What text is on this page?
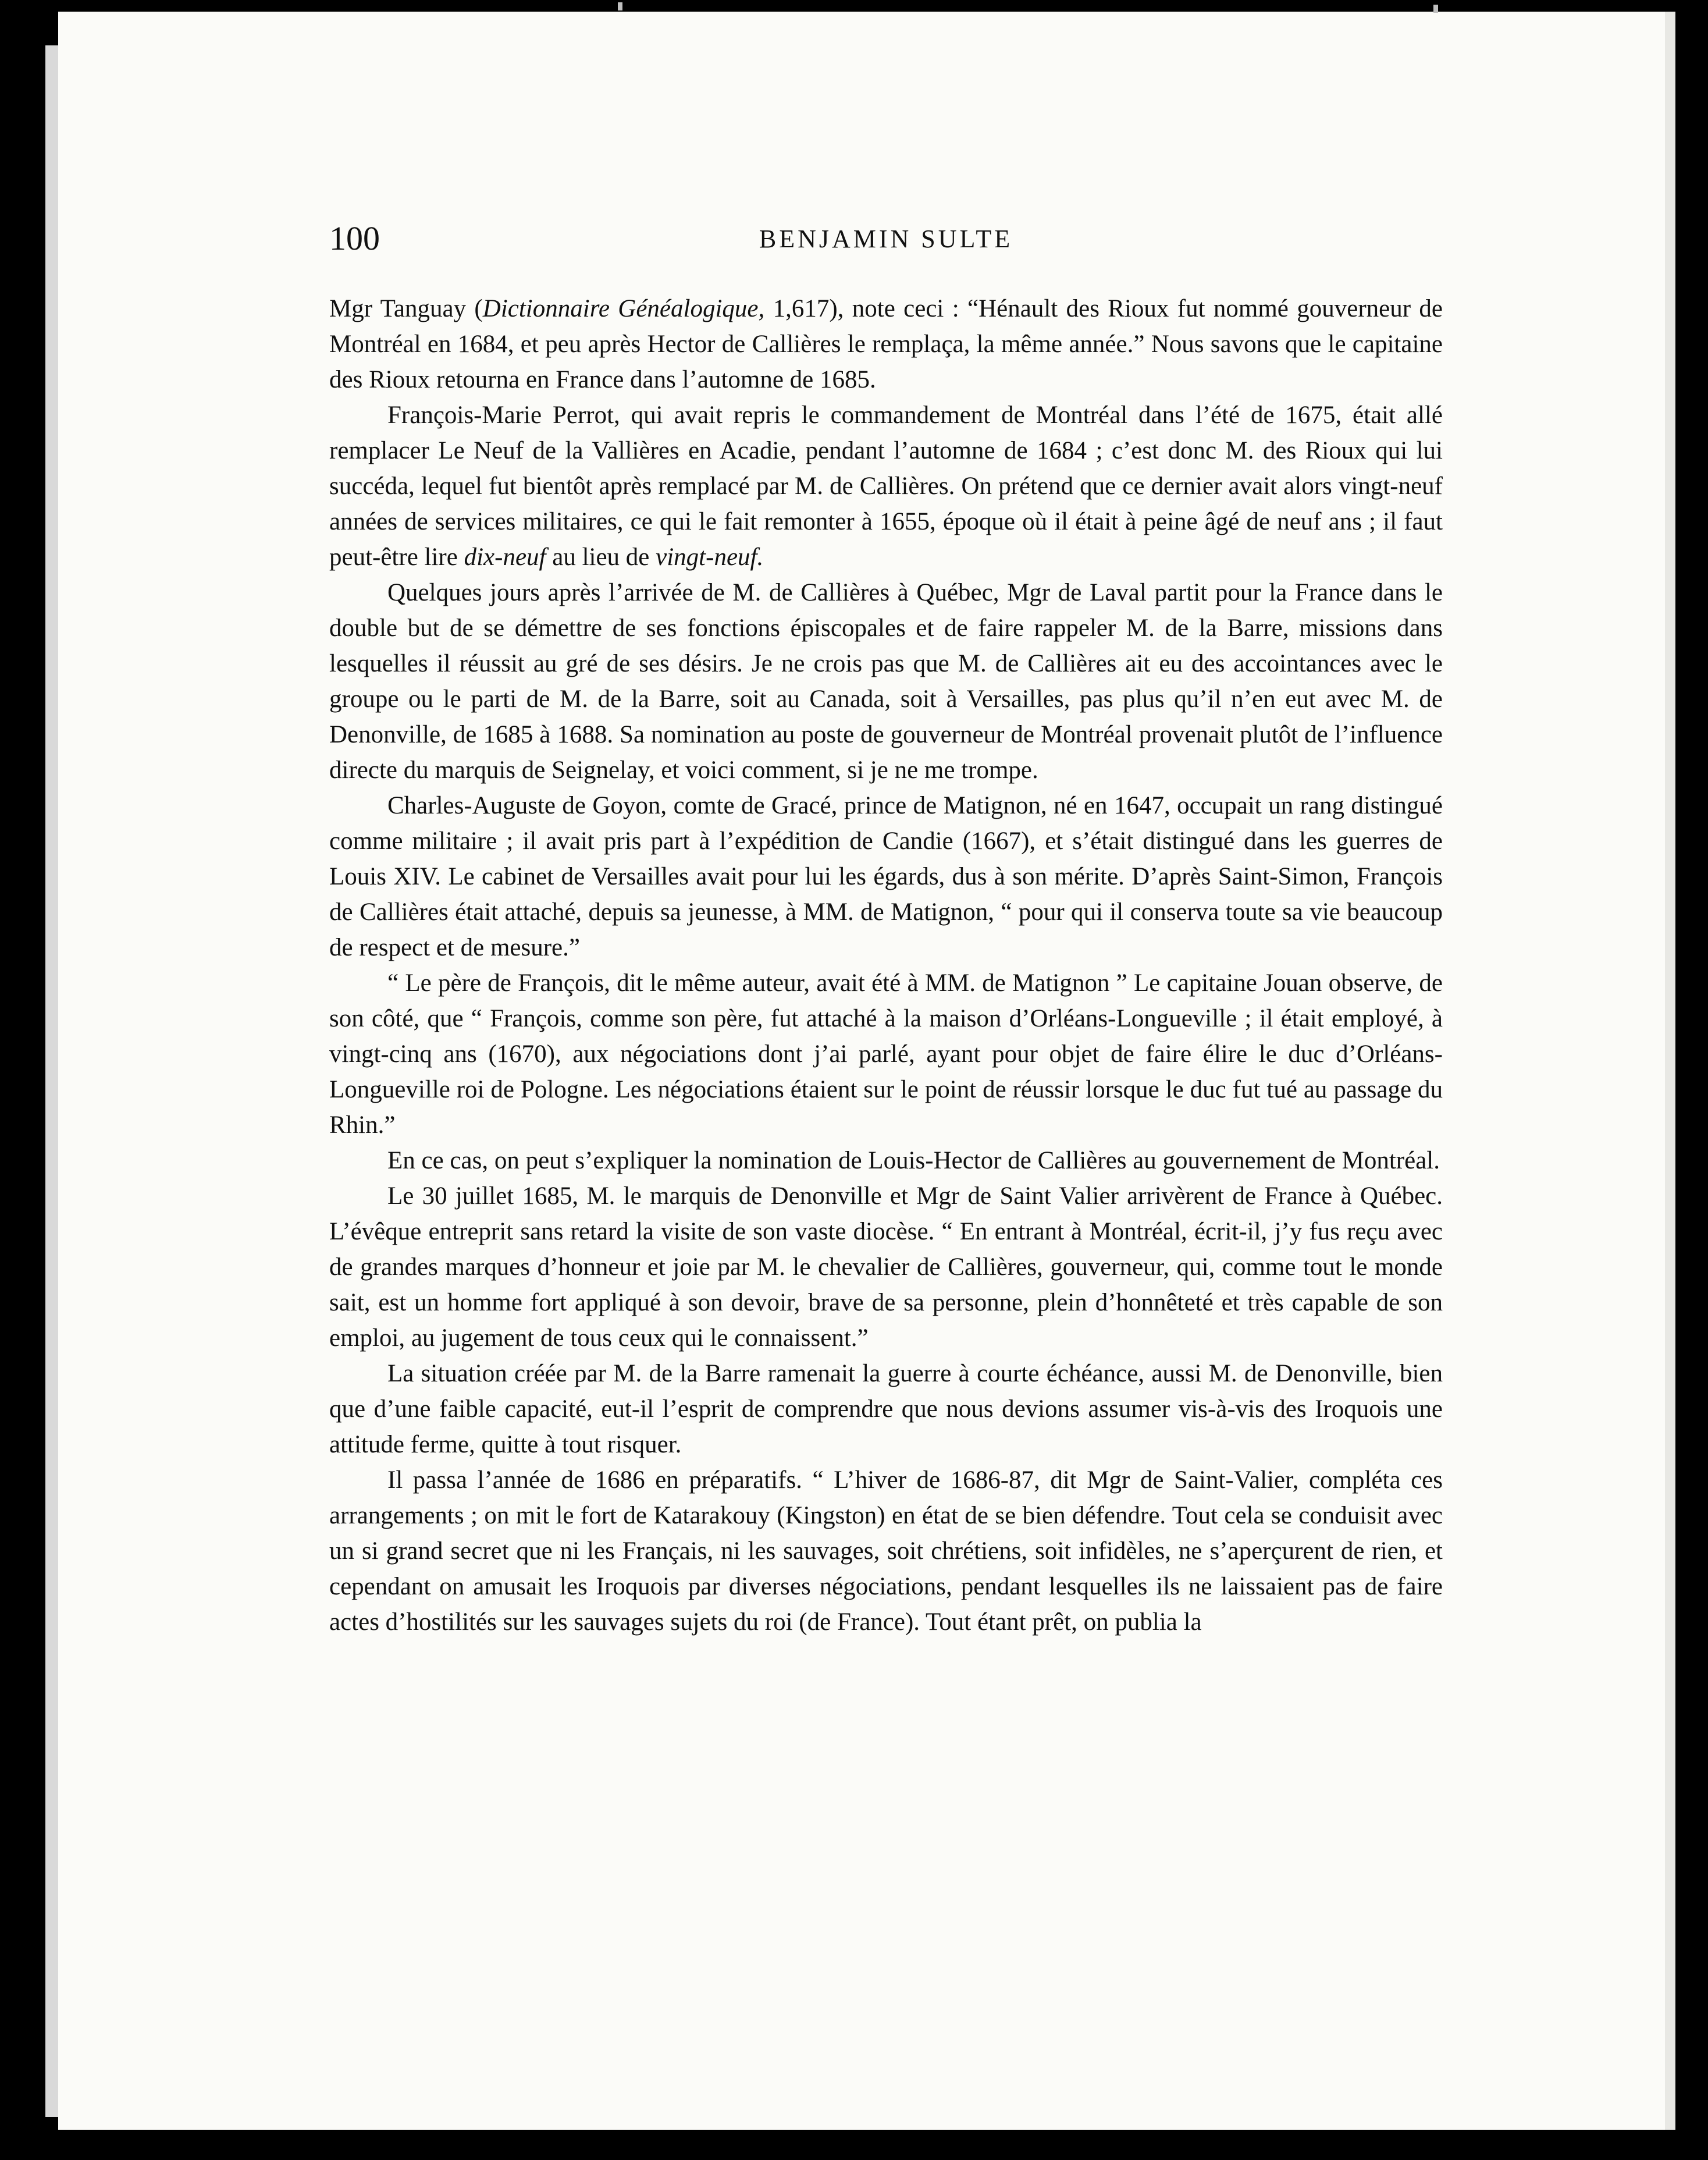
100	BENJAMIN SULTE

Mgr Tanguay (Dictionnaire Généalogique, 1,617), note ceci : “Hénault des Rioux fut nommé gouverneur de Montréal en 1684, et peu après Hector de Callières le remplaça, la même année.” Nous savons que le capitaine des Rioux retourna en France dans l’automne de 1685.

François-Marie Perrot, qui avait repris le commandement de Montréal dans l’été de 1675, était allé remplacer Le Neuf de la Vallières en Acadie, pendant l’automne de 1684 ; c’est donc M. des Rioux qui lui succéda, lequel fut bientôt après remplacé par M. de Callières. On prétend que ce dernier avait alors vingt-neuf années de services militaires, ce qui le fait remonter à 1655, époque où il était à peine âgé de neuf ans ; il faut peut-être lire dix-neuf au lieu de vingt-neuf.

Quelques jours après l’arrivée de M. de Callières à Québec, Mgr de Laval partit pour la France dans le double but de se démettre de ses fonctions épiscopales et de faire rappeler M. de la Barre, missions dans lesquelles il réussit au gré de ses désirs. Je ne crois pas que M. de Callières ait eu des accointances avec le groupe ou le parti de M. de la Barre, soit au Canada, soit à Versailles, pas plus qu’il n’en eut avec M. de Denonville, de 1685 à 1688. Sa nomination au poste de gouverneur de Montréal provenait plutôt de l’influence directe du marquis de Seignelay, et voici comment, si je ne me trompe.

Charles-Auguste de Goyon, comte de Gracé, prince de Matignon, né en 1647, occupait un rang distingué comme militaire ; il avait pris part à l’expédition de Candie (1667), et s’était distingué dans les guerres de Louis XIV. Le cabinet de Versailles avait pour lui les égards, dus à son mérite. D’après Saint-Simon, François de Callières était attaché, depuis sa jeunesse, à MM. de Matignon, “ pour qui il conserva toute sa vie beaucoup de respect et de mesure.”

“ Le père de François, dit le même auteur, avait été à MM. de Matignon ” Le capitaine Jouan observe, de son côté, que “ François, comme son père, fut attaché à la maison d’Orléans-Longueville ; il était employé, à vingt-cinq ans (1670), aux négociations dont j’ai parlé, ayant pour objet de faire élire le duc d’Orléans-Longueville roi de Pologne. Les négociations étaient sur le point de réussir lorsque le duc fut tué au passage du Rhin.”

En ce cas, on peut s’expliquer la nomination de Louis-Hector de Callières au gouvernement de Montréal.

Le 30 juillet 1685, M. le marquis de Denonville et Mgr de Saint Valier arrivèrent de France à Québec. L’évêque entreprit sans retard la visite de son vaste diocèse. “ En entrant à Montréal, écrit-il, j’y fus reçu avec de grandes marques d’honneur et joie par M. le chevalier de Callières, gouverneur, qui, comme tout le monde sait, est un homme fort appliqué à son devoir, brave de sa personne, plein d’honnêteté et très capable de son emploi, au jugement de tous ceux qui le connaissent.”

La situation créée par M. de la Barre ramenait la guerre à courte échéance, aussi M. de Denonville, bien que d’une faible capacité, eut-il l’esprit de comprendre que nous devions assumer vis-à-vis des Iroquois une attitude ferme, quitte à tout risquer.

Il passa l’année de 1686 en préparatifs. “ L’hiver de 1686-87, dit Mgr de Saint-Valier, compléta ces arrangements ; on mit le fort de Katarakouy (Kingston) en état de se bien défendre. Tout cela se conduisit avec un si grand secret que ni les Français, ni les sauvages, soit chrétiens, soit infidèles, ne s’aperçurent de rien, et cependant on amusait les Iroquois par diverses négociations, pendant lesquelles ils ne laissaient pas de faire actes d’hostilités sur les sauvages sujets du roi (de France). Tout étant prêt, on publia la
